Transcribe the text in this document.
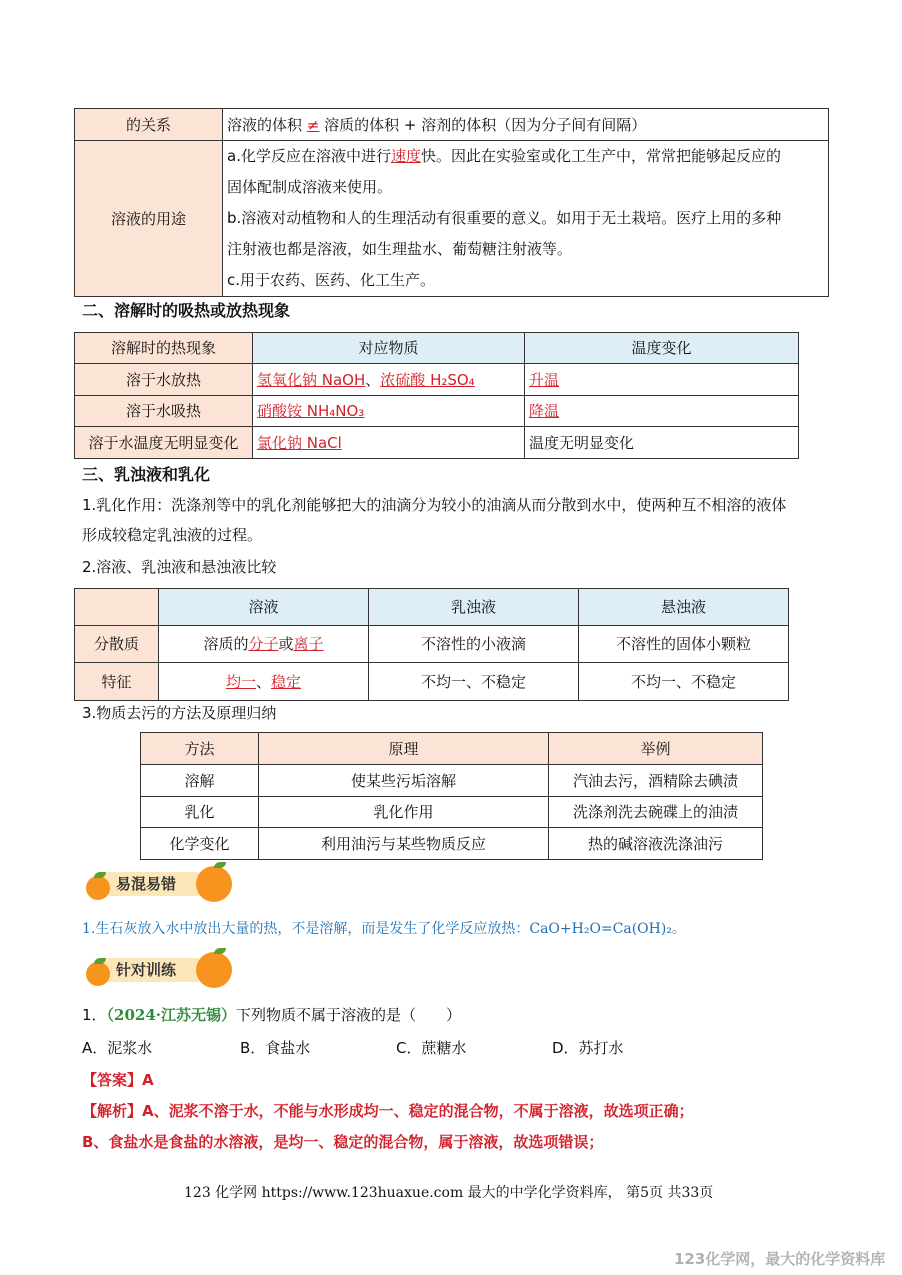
的关系	溶液的体积 ≠ 溶质的体积 + 溶剂的体积（因为分子间有间隔）
溶液的用途	a.化学反应在溶液中进行速度快。因此在实验室或化工生产中，常常把能够起反应的
固体配制成溶液来使用。
b.溶液对动植物和人的生理活动有很重要的意义。如用于无土栽培。医疗上用的多种
注射液也都是溶液，如生理盐水、葡萄糖注射液等。
c.用于农药、医药、化工生产。
二、溶解时的吸热或放热现象
溶解时的热现象	对应物质	温度变化
溶于水放热	氢氧化钠 NaOH、浓硫酸 H₂SO₄	升温
溶于水吸热	硝酸铵 NH₄NO₃	降温
溶于水温度无明显变化	氯化钠 NaCl	温度无明显变化
三、乳浊液和乳化
1.乳化作用：洗涤剂等中的乳化剂能够把大的油滴分为较小的油滴从而分散到水中，使两种互不相溶的液体
形成较稳定乳浊液的过程。
2.溶液、乳浊液和悬浊液比较
	溶液	乳浊液	悬浊液
分散质	溶质的分子或离子	不溶性的小液滴	不溶性的固体小颗粒
特征	均一、稳定	不均一、不稳定	不均一、不稳定
3.物质去污的方法及原理归纳
方法	原理	举例
溶解	使某些污垢溶解	汽油去污，酒精除去碘渍
乳化	乳化作用	洗涤剂洗去碗碟上的油渍
化学变化	利用油污与某些物质反应	热的碱溶液洗涤油污
易混易错
1.生石灰放入水中放出大量的热，不是溶解，而是发生了化学反应放热：CaO+H₂O=Ca(OH)₂。
针对训练
1．（2024·江苏无锡）下列物质不属于溶液的是（　　）
A．泥浆水	B．食盐水	C．蔗糖水	D．苏打水
【答案】A
【解析】A、泥浆不溶于水，不能与水形成均一、稳定的混合物，不属于溶液，故选项正确；
B、食盐水是食盐的水溶液，是均一、稳定的混合物，属于溶液，故选项错误；
123 化学网 https://www.123huaxue.com 最大的中学化学资料库， 第5页 共33页
123化学网，最大的化学资料库
